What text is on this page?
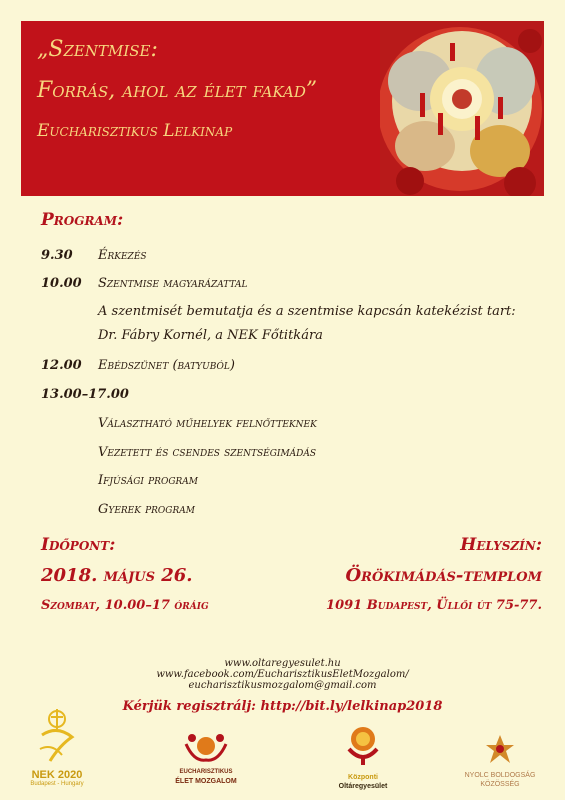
„Szentmise:
Forrás, ahol az élet fakad”
Eucharisztikus Lelkinap
Program:
9.30 Érkezés
10.00 Szentmise magyarázattal
A szentmisét bemutatja és a szentmise kapcsán katekézist tart:
Dr. Fábry Kornél, a NEK Főtitkára
12.00 Ebédszünet (batyuból)
13.00–17.00
Választható műhelyek felnőtteknek
Vezetett és csendes szentségimádás
Ifjúsági program
Gyerek program
Időpont:
2018. május 26.
Szombat, 10.00–17 óráig
Helyszín:
Örökimádás-templom
1091 Budapest, Üllői út 75-77.
www.oltaregyesulet.hu
www.facebook.com/EucharisztikusEletMozgalom/
eucharisztikusmozgalom@gmail.com
Kérjük regisztrálj: http://bit.ly/lelkinap2018
NEK 2020
Budapest - Hungary
EUCHARISZTIKUS
ÉLET MOZGALOM
Központi
Oltáregyesület
NYOLC BOLDOGSÁG
KÖZÖSSÉG
